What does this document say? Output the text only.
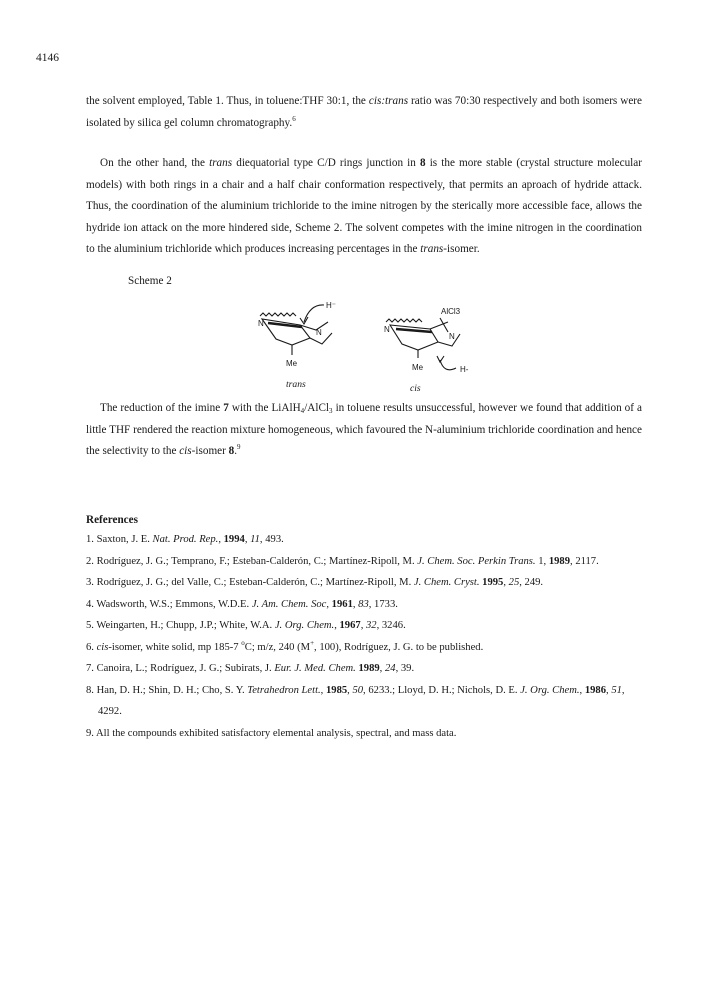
4146
the solvent employed, Table 1. Thus, in toluene:THF 30:1, the cis:trans ratio was 70:30 respectively and both isomers were isolated by silica gel column chromatography.$^6$
On the other hand, the trans diequatorial type C/D rings junction in 8 is the more stable (crystal structure molecular models) with both rings in a chair and a half chair conformation respectively, that permits an aproach of hydride attack. Thus, the coordination of the aluminium trichloride to the imine nitrogen by the sterically more accessible face, allows the hydride ion attack on the more hindered side, Scheme 2. The solvent competes with the imine nitrogen in the coordination to the aluminium trichloride which produces increasing percentages in the trans-isomer.
Scheme 2
N
N
Me
H⁻
N
N
Me
AlCl3
H-
trans	cis
The reduction of the imine 7 with the LiAlH$_4$/AlCl$_3$ in toluene results unsuccessful, however we found that addition of a little THF rendered the reaction mixture homogeneous, which favoured the N-aluminium trichloride coordination and hence the selectivity to the cis-isomer 8.$^9$
References

1. Saxton, J. E. Nat. Prod. Rep., 1994, 11, 493.

2. Rodríguez, J. G.; Temprano, F.; Esteban-Calderón, C.; Martínez-Ripoll, M. J. Chem. Soc. Perkin Trans. 1, 1989, 2117.

3. Rodríguez, J. G.; del Valle, C.; Esteban-Calderón, C.; Martínez-Ripoll, M. J. Chem. Cryst. 1995, 25, 249.

4. Wadsworth, W.S.; Emmons, W.D.E. J. Am. Chem. Soc, 1961, 83, 1733.

5. Weingarten, H.; Chupp, J.P.; White, W.A. J. Org. Chem., 1967, 32, 3246.

6. cis-isomer, white solid, mp 185-7 $^o$C; m/z, 240 (M+, 100), Rodríguez, J. G. to be published.

7. Canoira, L.; Rodríguez, J. G.; Subirats, J. Eur. J. Med. Chem. 1989, 24, 39.

8. Han, D. H.; Shin, D. H.; Cho, S. Y. Tetrahedron Lett., 1985, 50, 6233.; Lloyd, D. H.; Nichols, D. E. J. Org. Chem., 1986, 51, 4292.

9. All the compounds exhibited satisfactory elemental analysis, spectral, and mass data.
